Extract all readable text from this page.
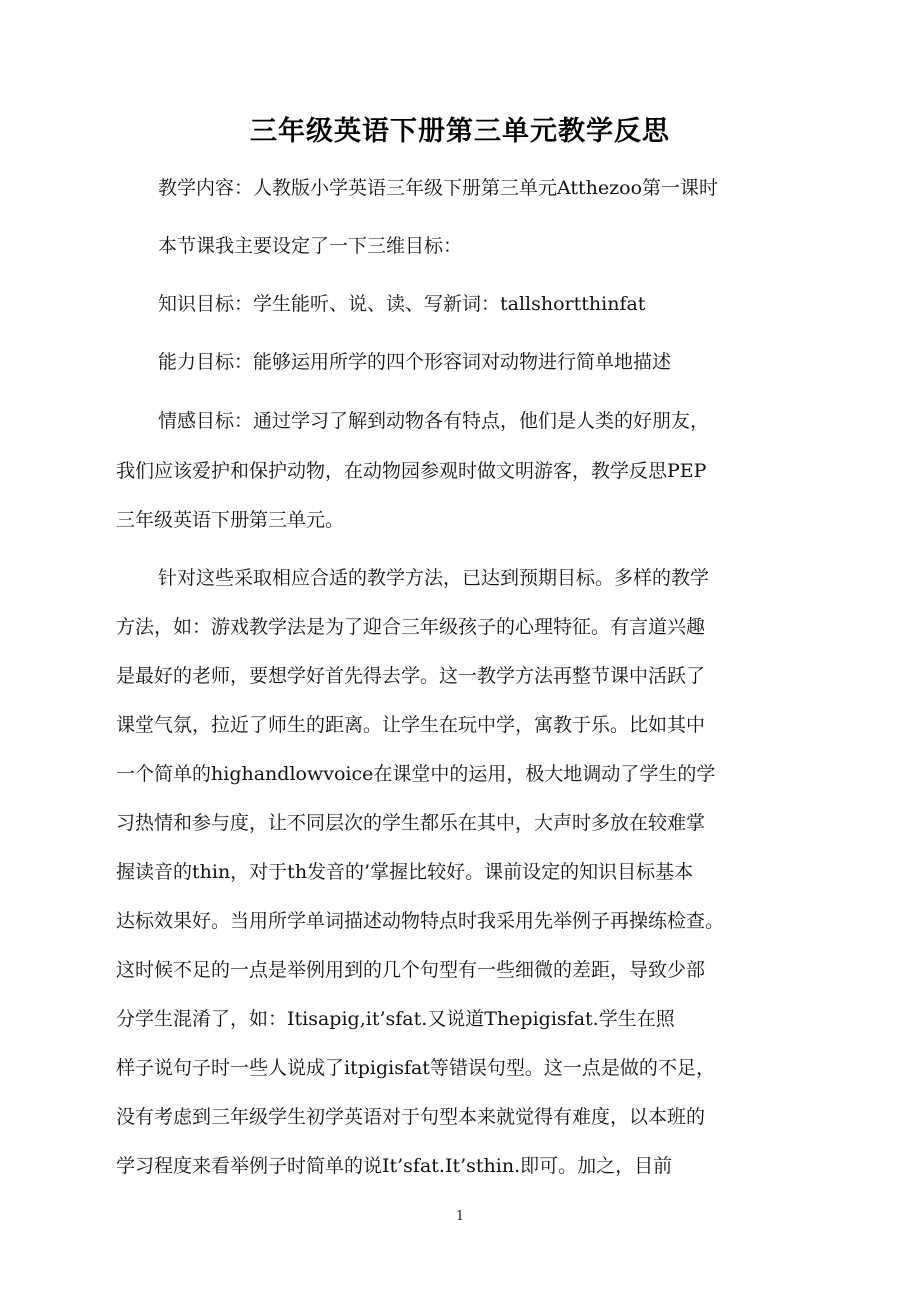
三年级英语下册第三单元教学反思
教学内容：人教版小学英语三年级下册第三单元Atthezoo第一课时
本节课我主要设定了一下三维目标：
知识目标：学生能听、说、读、写新词：tallshortthinfat
能力目标：能够运用所学的四个形容词对动物进行简单地描述
情感目标：通过学习了解到动物各有特点，他们是人类的好朋友，
我们应该爱护和保护动物，在动物园参观时做文明游客，教学反思PEP
三年级英语下册第三单元。
针对这些采取相应合适的教学方法，已达到预期目标。多样的教学
方法，如：游戏教学法是为了迎合三年级孩子的心理特征。有言道兴趣
是最好的老师，要想学好首先得去学。这一教学方法再整节课中活跃了
课堂气氛，拉近了师生的距离。让学生在玩中学，寓教于乐。比如其中
一个简单的highandlowvoice在课堂中的运用，极大地调动了学生的学
习热情和参与度，让不同层次的学生都乐在其中，大声时多放在较难掌
握读音的thin，对于th发音的’掌握比较好。课前设定的知识目标基本
达标效果好。当用所学单词描述动物特点时我采用先举例子再操练检查。
这时候不足的一点是举例用到的几个句型有一些细微的差距，导致少部
分学生混淆了，如：Itisapig,it’sfat.又说道Thepigisfat.学生在照
样子说句子时一些人说成了itpigisfat等错误句型。这一点是做的不足，
没有考虑到三年级学生初学英语对于句型本来就觉得有难度，以本班的
学习程度来看举例子时简单的说It’sfat.It’sthin.即可。加之，目前
1
